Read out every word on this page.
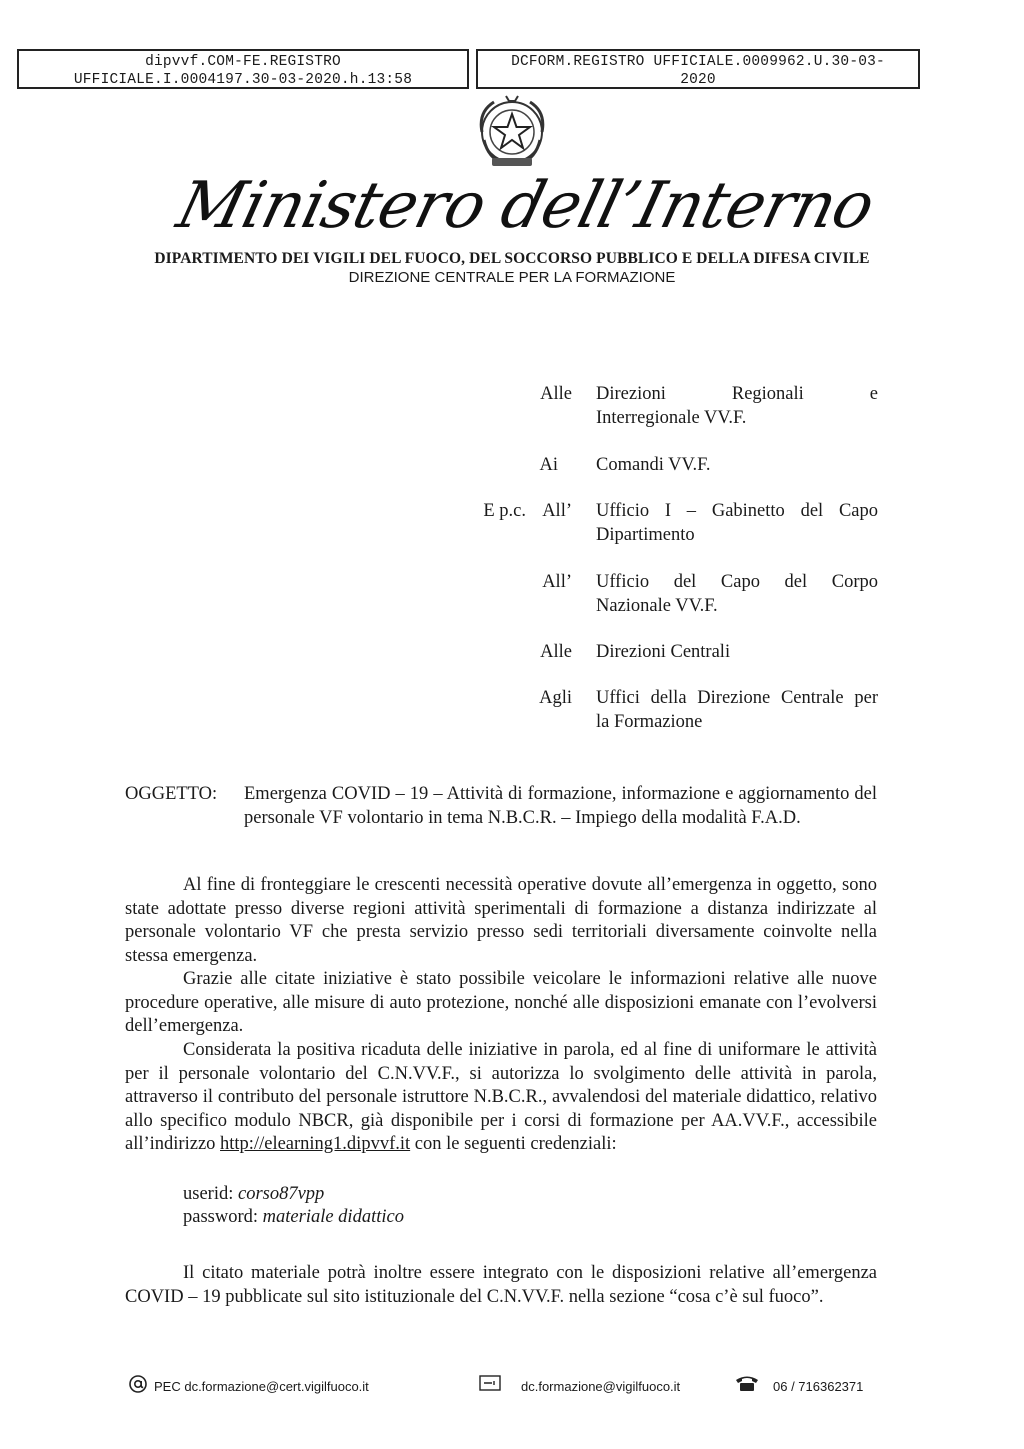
dipvvf.COM-FE.REGISTRO
UFFICIALE.I.0004197.30-03-2020.h.13:58
DCFORM.REGISTRO UFFICIALE.0009962.U.30-03-
2020
Ministero dell’Interno
DIPARTIMENTO DEI VIGILI DEL FUOCO, DEL SOCCORSO PUBBLICO E DELLA DIFESA CIVILE
DIREZIONE CENTRALE PER LA FORMAZIONE
Alle Direzioni Regionali e
Interregionale VV.F.
Ai Comandi VV.F.
E p.c. All’ Ufficio I – Gabinetto del Capo
Dipartimento
All’ Ufficio del Capo del Corpo
Nazionale VV.F.
Alle Direzioni Centrali
Agli Uffici della Direzione Centrale per
la Formazione
OGGETTO: Emergenza COVID – 19 – Attività di formazione, informazione e aggiornamento del personale VF volontario in tema N.B.C.R. – Impiego della modalità F.A.D.

Al fine di fronteggiare le crescenti necessità operative dovute all’emergenza in oggetto, sono state adottate presso diverse regioni attività sperimentali di formazione a distanza indirizzate al personale volontario VF che presta servizio presso sedi territoriali diversamente coinvolte nella stessa emergenza.

Grazie alle citate iniziative è stato possibile veicolare le informazioni relative alle nuove procedure operative, alle misure di auto protezione, nonché alle disposizioni emanate con l’evolversi dell’emergenza.

Considerata la positiva ricaduta delle iniziative in parola, ed al fine di uniformare le attività per il personale volontario del C.N.VV.F., si autorizza lo svolgimento delle attività in parola, attraverso il contributo del personale istruttore N.B.C.R., avvalendosi del materiale didattico, relativo allo specifico modulo NBCR, già disponibile per i corsi di formazione per AA.VV.F., accessibile all’indirizzo http://elearning1.dipvvf.it con le seguenti credenziali:

userid: corso87vpp
password: materiale didattico

Il citato materiale potrà inoltre essere integrato con le disposizioni relative all’emergenza COVID – 19 pubblicate sul sito istituzionale del C.N.VV.F. nella sezione “cosa c’è sul fuoco”.

PEC dc.formazione@cert.vigilfuoco.it	dc.formazione@vigilfuoco.it	06 / 716362371
